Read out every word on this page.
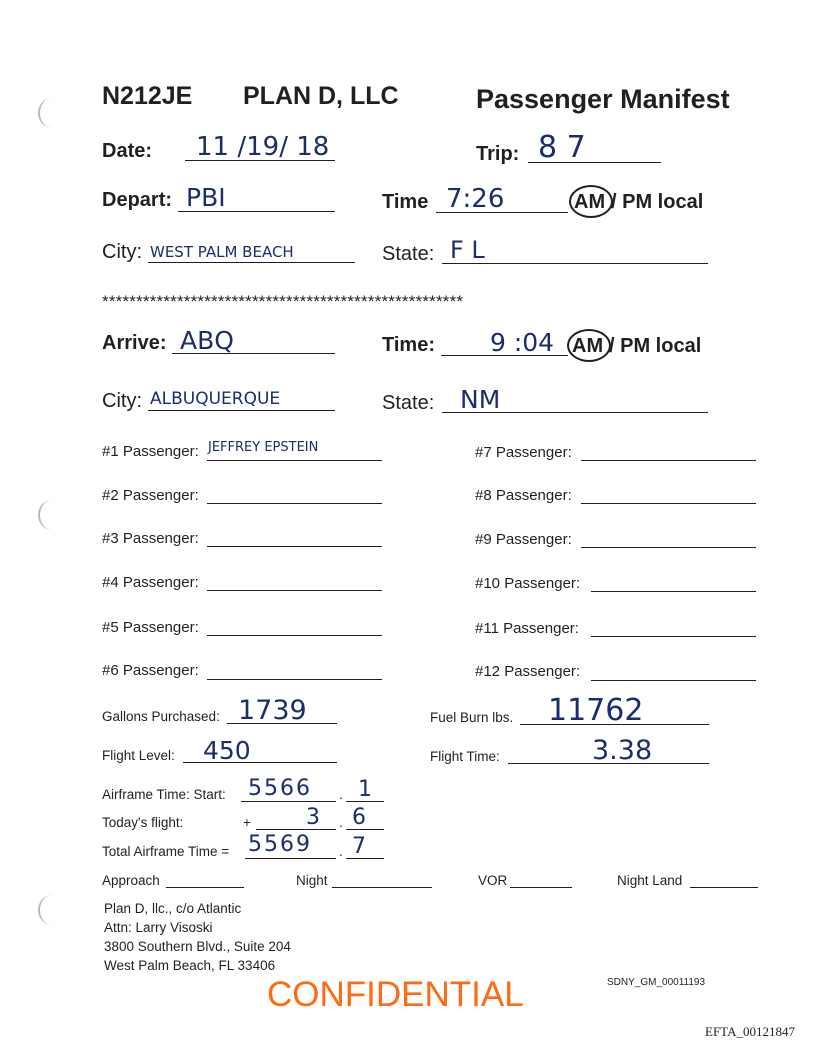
N212JE PLAN D, LLC	Passenger Manifest
Date: 11 /19/ 18	Trip: 8 7
Depart: PBI	Time 7:26	AM / PM local
City: WEST PALM BEACH	State: F L
*****************************************************
Arrive: ABQ	Time: 9 :04 AM / PM local
City: ALBUQUERQUE	State: NM
#1 Passenger: JEFFREY EPSTEIN
#2 Passenger:
#3 Passenger:
#4 Passenger:
#5 Passenger:
#6 Passenger:
#7 Passenger:
#8 Passenger:
#9 Passenger:
#10 Passenger:
#11 Passenger:
#12 Passenger:
Gallons Purchased: 1739	Fuel Burn lbs. 11762
Flight Level: 450	Flight Time:	3.38
Airframe Time: Start: 5566 . 1
Today's flight:	+	3 . 6
Total Airframe Time = 5569 . 7
Approach	Night	VOR	Night Land
Plan D, llc., c/o Atlantic
Attn: Larry Visoski
3800 Southern Blvd., Suite 204
West Palm Beach, FL 33406
CONFIDENTIAL	SDNY_GM_00011193
EFTA_00121847
